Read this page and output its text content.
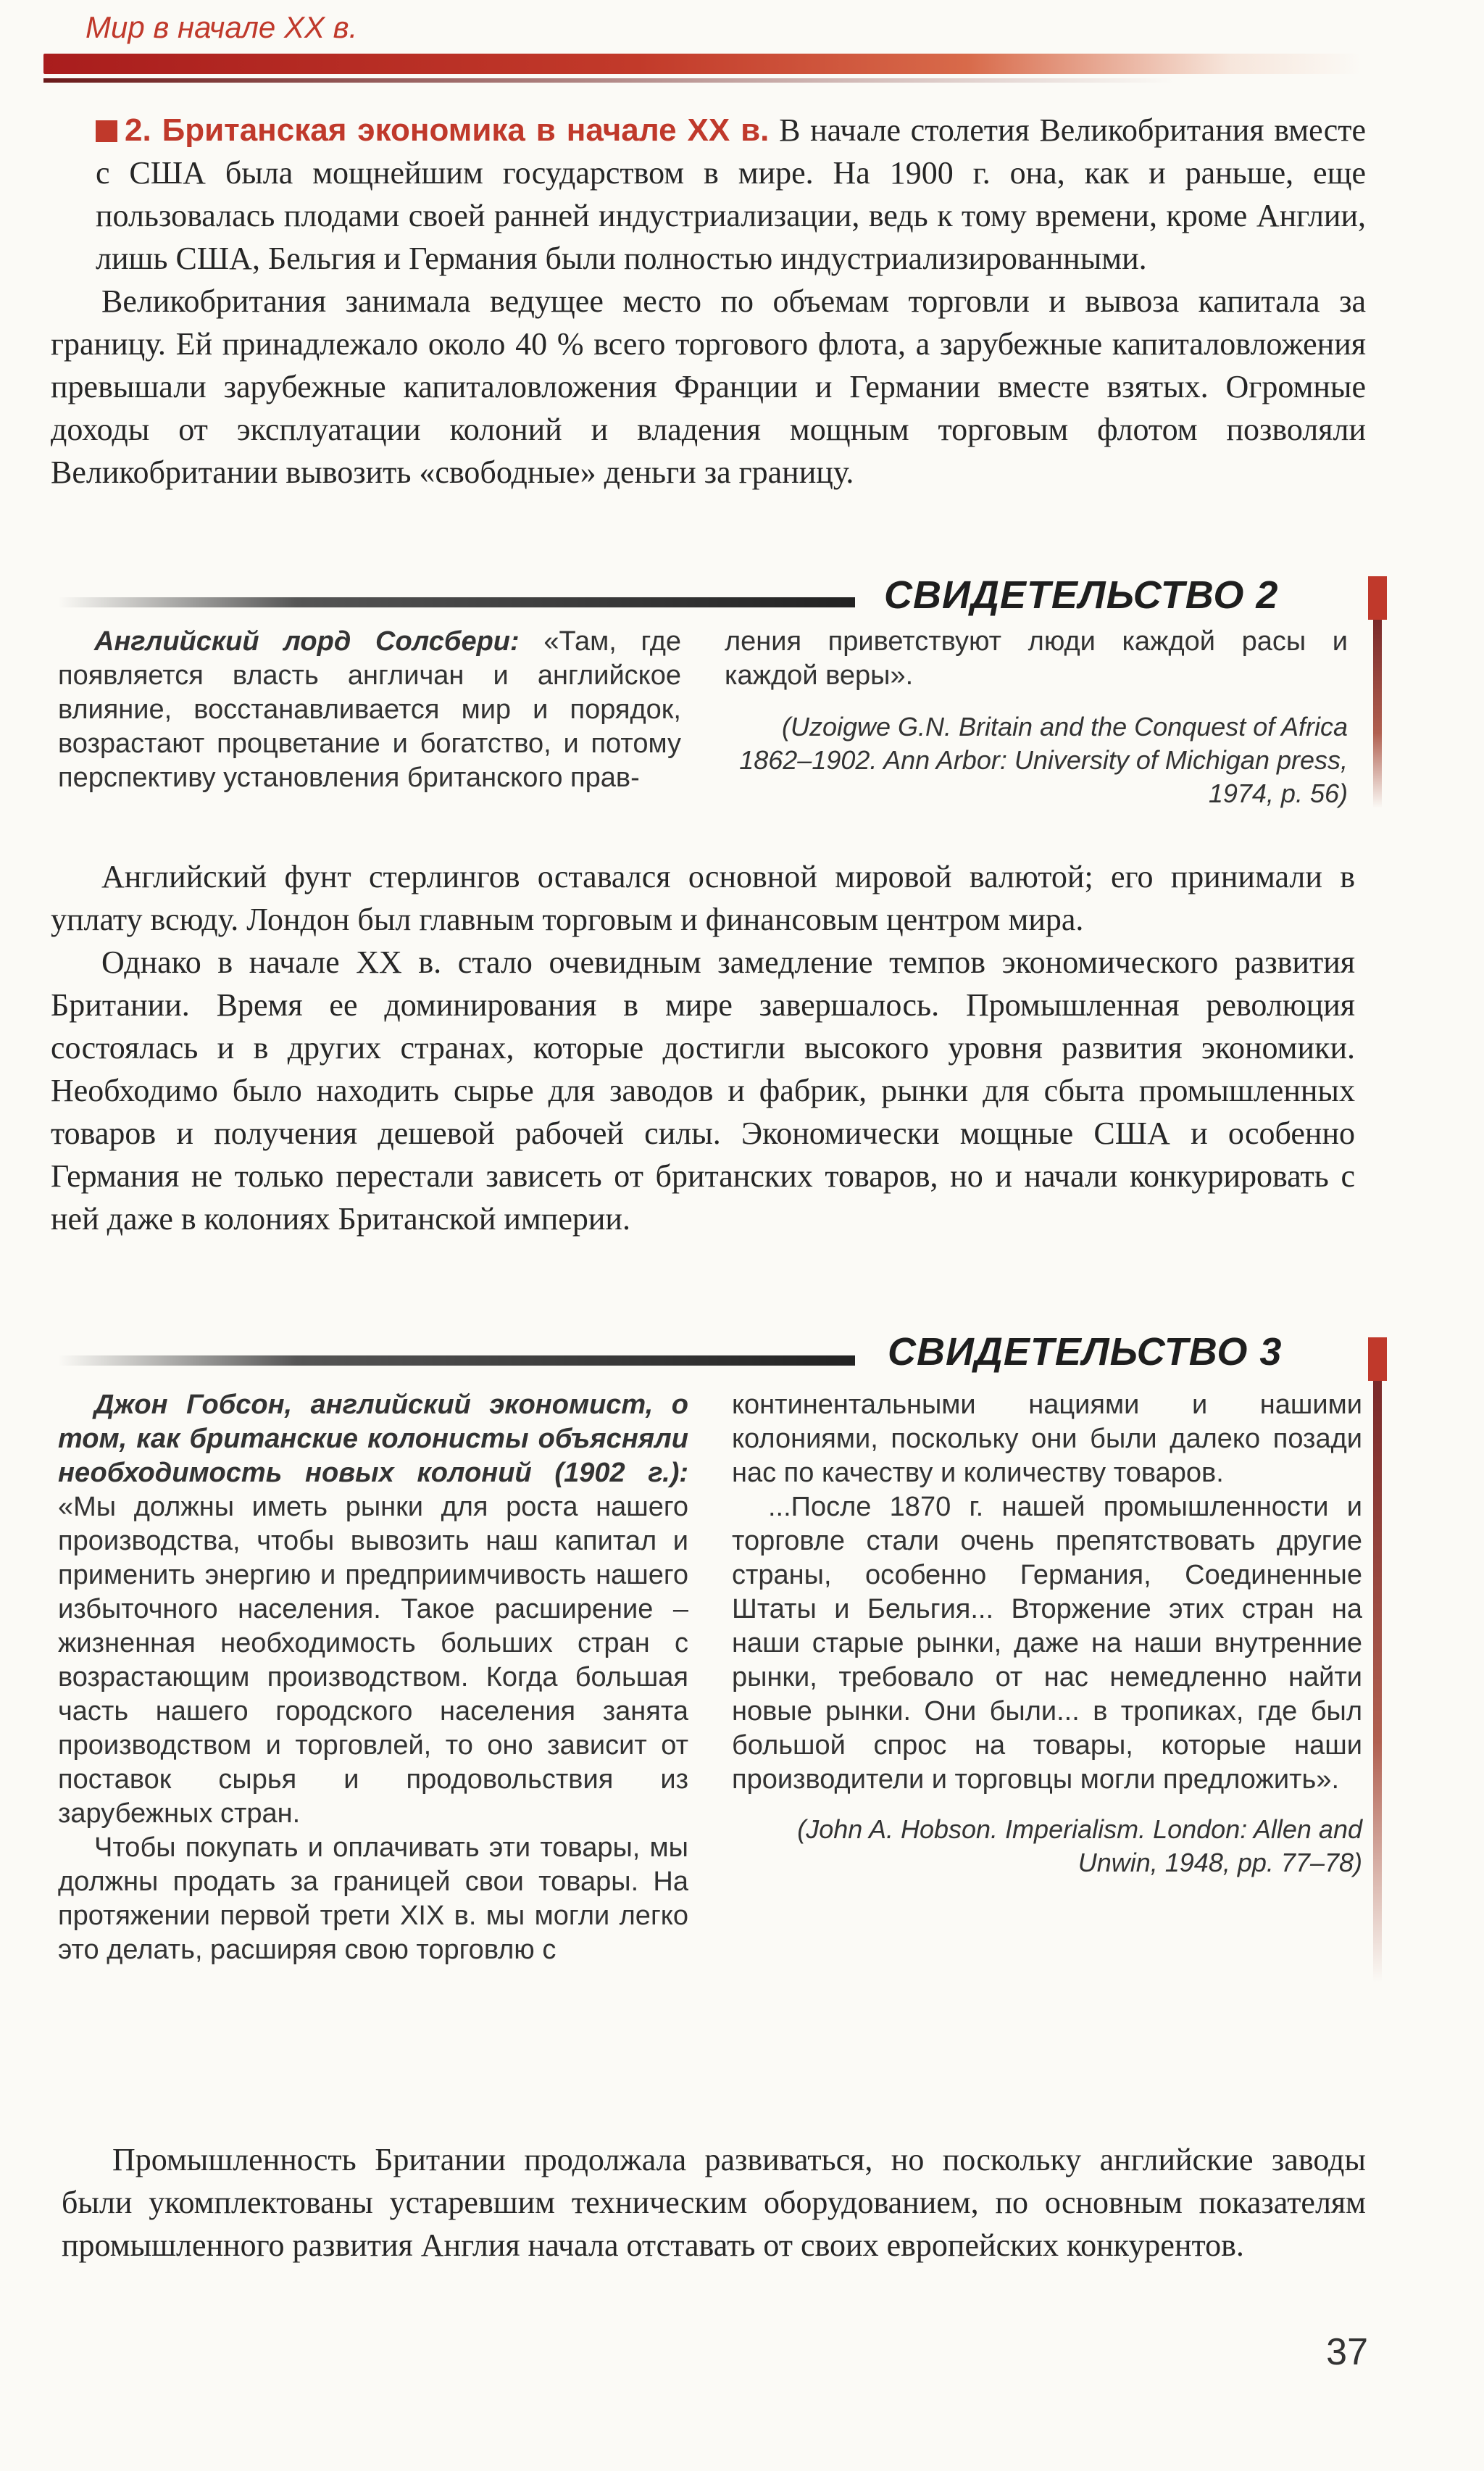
Мир в начале XX в.

2. Британская экономика в начале XX в. В начале столетия Великобритания вместе с США была мощнейшим государством в мире. На 1900 г. она, как и раньше, еще пользовалась плодами своей ранней индустриализации, ведь к тому времени, кроме Англии, лишь США, Бельгия и Германия были полностью индустриализированными.

Великобритания занимала ведущее место по объемам торговли и вывоза капитала за границу. Ей принадлежало около 40 % всего торгового флота, а зарубежные капиталовложения превышали зарубежные капиталовложения Франции и Германии вместе взятых. Огромные доходы от эксплуатации колоний и владения мощным торговым флотом позволяли Великобритании вывозить «свободные» деньги за границу.

СВИДЕТЕЛЬСТВО 2

Английский лорд Солсбери: «Там, где появляется власть англичан и английское влияние, восстанавливается мир и порядок, возрастают процветание и богатство, и потому перспективу установления британского прав-

ления приветствуют люди каждой расы и каждой веры».

(Uzoigwe G.N. Britain and the Conquest of Africa 1862–1902. Ann Arbor: University of Michigan press, 1974, p. 56)

Английский фунт стерлингов оставался основной мировой валютой; его принимали в уплату всюду. Лондон был главным торговым и финансовым центром мира.

Однако в начале XX в. стало очевидным замедление темпов экономического развития Британии. Время ее доминирования в мире завершалось. Промышленная революция состоялась и в других странах, которые достигли высокого уровня развития экономики. Необходимо было находить сырье для заводов и фабрик, рынки для сбыта промышленных товаров и получения дешевой рабочей силы. Экономически мощные США и особенно Германия не только перестали зависеть от британских товаров, но и начали конкурировать с ней даже в колониях Британской империи.

СВИДЕТЕЛЬСТВО 3

Джон Гобсон, английский экономист, о том, как британские колонисты объясняли необходимость новых колоний (1902 г.): «Мы должны иметь рынки для роста нашего производства, чтобы вывозить наш капитал и применить энергию и предприимчивость нашего избыточного населения. Такое расширение – жизненная необходимость больших стран с возрастающим производством. Когда большая часть нашего городского населения занята производством и торговлей, то оно зависит от поставок сырья и продовольствия из зарубежных стран.

Чтобы покупать и оплачивать эти товары, мы должны продать за границей свои товары. На протяжении первой трети XIX в. мы могли легко это делать, расширяя свою торговлю с

континентальными нациями и нашими колониями, поскольку они были далеко позади нас по качеству и количеству товаров.

...После 1870 г. нашей промышленности и торговле стали очень препятствовать другие страны, особенно Германия, Соединенные Штаты и Бельгия... Вторжение этих стран на наши старые рынки, даже на наши внутренние рынки, требовало от нас немедленно найти новые рынки. Они были... в тропиках, где был большой спрос на товары, которые наши производители и торговцы могли предложить».

(John A. Hobson. Imperialism. London: Allen and Unwin, 1948, pp. 77–78)

Промышленность Британии продолжала развиваться, но поскольку английские заводы были укомплектованы устаревшим техническим оборудованием, по основным показателям промышленного развития Англия начала отставать от своих европейских конкурентов.

37
